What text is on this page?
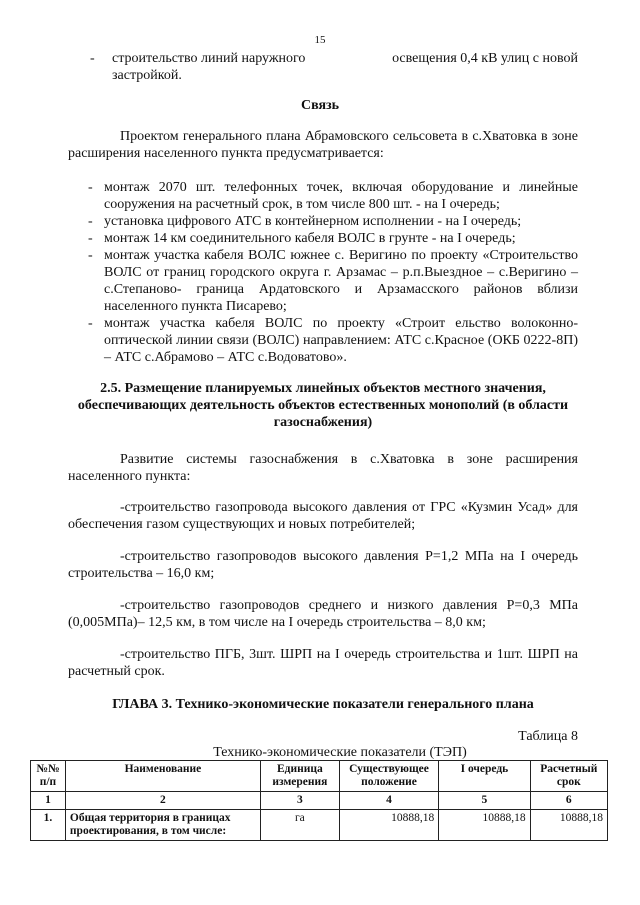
15
- строительство линий наружного	освещения 0,4 кВ улиц с новой
застройкой.
Связь
Проектом генерального плана Абрамовского сельсовета в с.Хватовка в зоне расширения населенного пункта предусматривается:
- монтаж 2070 шт. телефонных точек, включая оборудование и линейные сооружения на расчетный срок, в том числе 800 шт. - на I очередь;
- установка цифрового АТС в контейнерном исполнении - на I очередь;
- монтаж 14 км соединительного кабеля ВОЛС в грунте - на I очередь;
- монтаж участка кабеля ВОЛС южнее с. Веригино по проекту «Строительство ВОЛС от границ городского округа г. Арзамас – р.п.Выездное – с.Веригино – с.Степаново- граница Ардатовского и Арзамасского районов вблизи населенного пункта Писарево;
- монтаж участка кабеля ВОЛС по проекту «Строит ельство волоконно-оптической линии связи (ВОЛС) направлением: АТС с.Красное (ОКБ 0222-8П) – АТС с.Абрамово – АТС с.Водоватово».
2.5. Размещение планируемых линейных объектов местного значения, обеспечивающих деятельность объектов естественных монополий (в области газоснабжения)
Развитие системы газоснабжения в с.Хватовка в зоне расширения населенного пункта:
-строительство газопровода высокого давления от ГРС «Кузмин Усад» для обеспечения газом существующих и новых потребителей;
-строительство газопроводов высокого давления P=1,2 МПа на I очередь строительства – 16,0 км;
-строительство газопроводов среднего и низкого давления P=0,3 МПа (0,005МПа)– 12,5 км, в том числе на I очередь строительства – 8,0 км;
-строительство ПГБ, 3шт. ШРП на I очередь строительства и 1шт. ШРП на расчетный срок.
ГЛАВА 3. Технико-экономические показатели генерального плана
Таблица 8
Технико-экономические показатели (ТЭП)
№№ п/п	Наименование	Единица измерения	Существующее положение	I очередь	Расчетный срок
1	2	3	4	5	6
1.	Общая территория в границах проектирования, в том числе:	га	10888,18	10888,18	10888,18
